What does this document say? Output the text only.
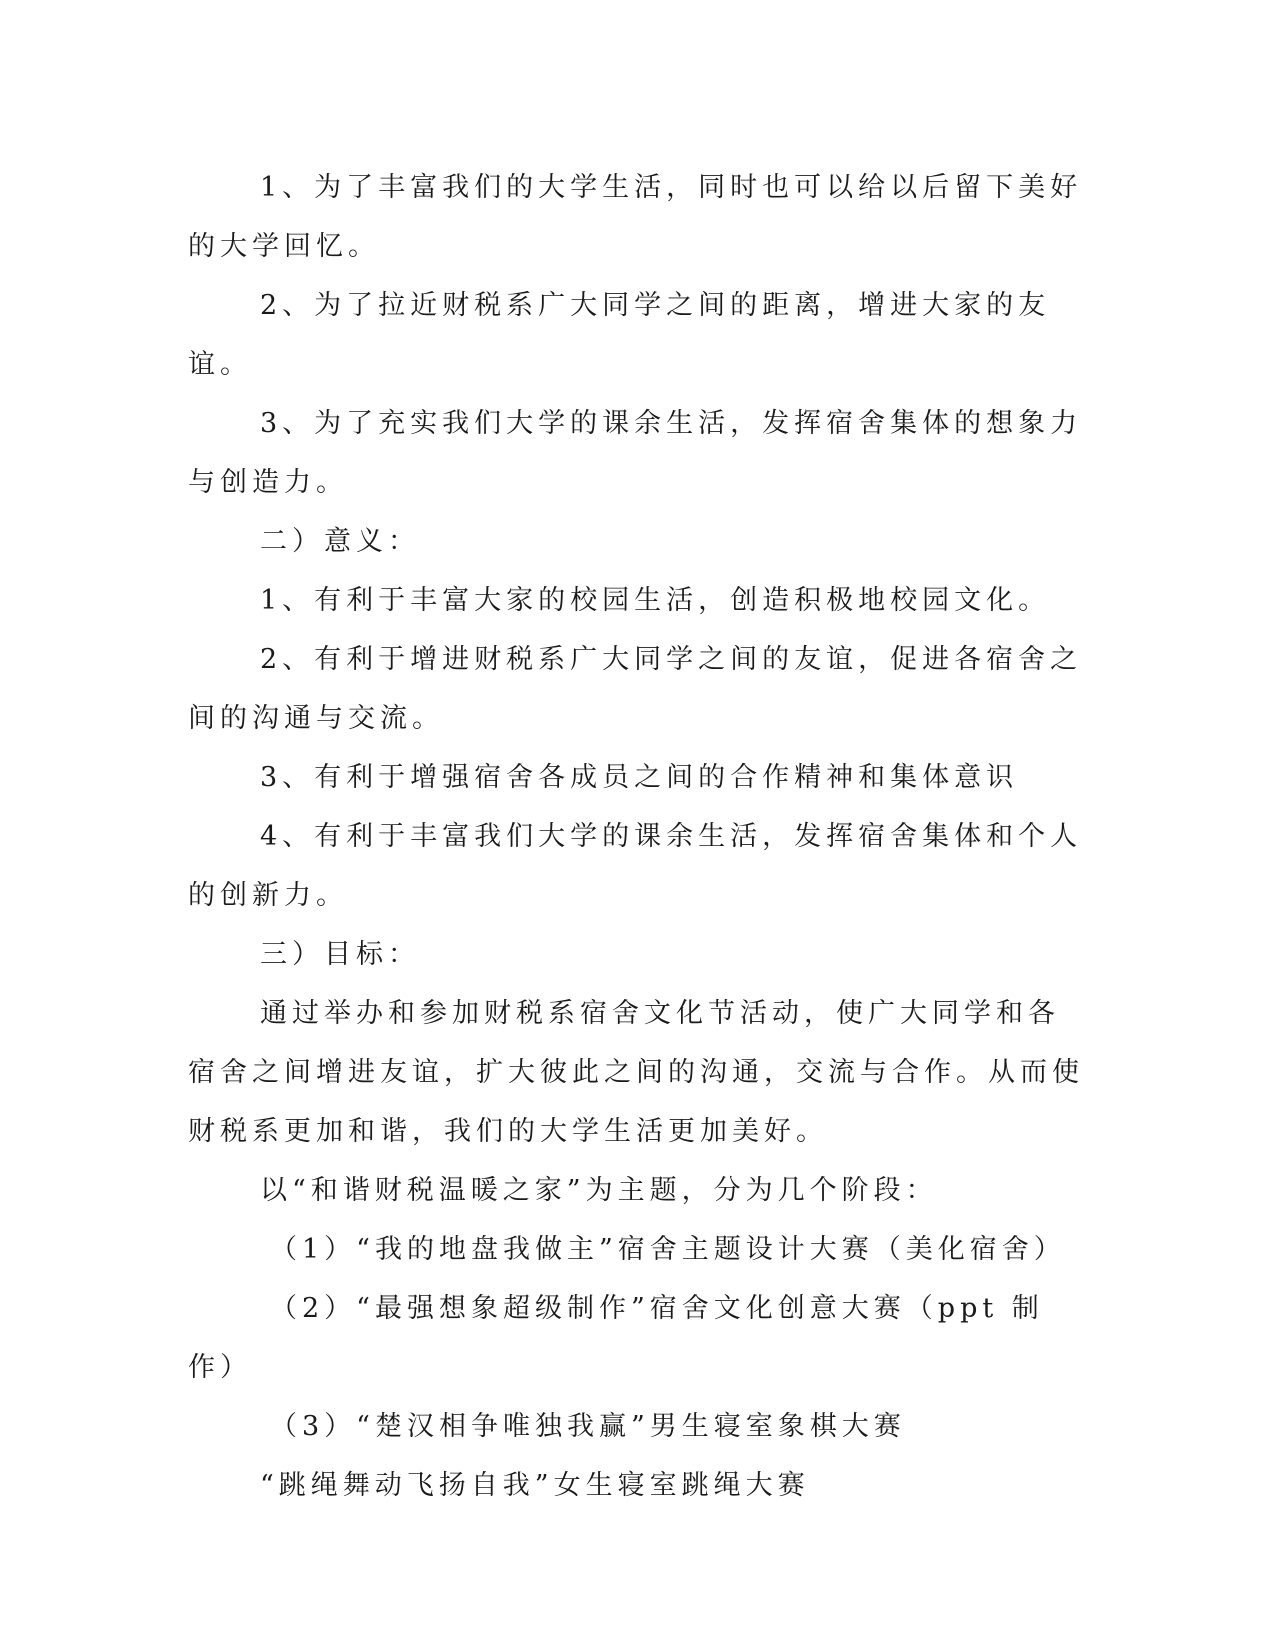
1、为了丰富我们的大学生活，同时也可以给以后留下美好的大学回忆。

2、为了拉近财税系广大同学之间的距离，增进大家的友谊。

3、为了充实我们大学的课余生活，发挥宿舍集体的想象力与创造力。

二）意义：

1、有利于丰富大家的校园生活，创造积极地校园文化。

2、有利于增进财税系广大同学之间的友谊，促进各宿舍之间的沟通与交流。

3、有利于增强宿舍各成员之间的合作精神和集体意识

4、有利于丰富我们大学的课余生活，发挥宿舍集体和个人的创新力。

三）目标：

通过举办和参加财税系宿舍文化节活动，使广大同学和各宿舍之间增进友谊，扩大彼此之间的沟通，交流与合作。从而使财税系更加和谐，我们的大学生活更加美好。

以“和谐财税温暖之家”为主题，分为几个阶段：

（1）“我的地盘我做主”宿舍主题设计大赛（美化宿舍）

（2）“最强想象超级制作”宿舍文化创意大赛（ppt 制作）

（3）“楚汉相争唯独我赢”男生寝室象棋大赛

“跳绳舞动飞扬自我”女生寝室跳绳大赛
